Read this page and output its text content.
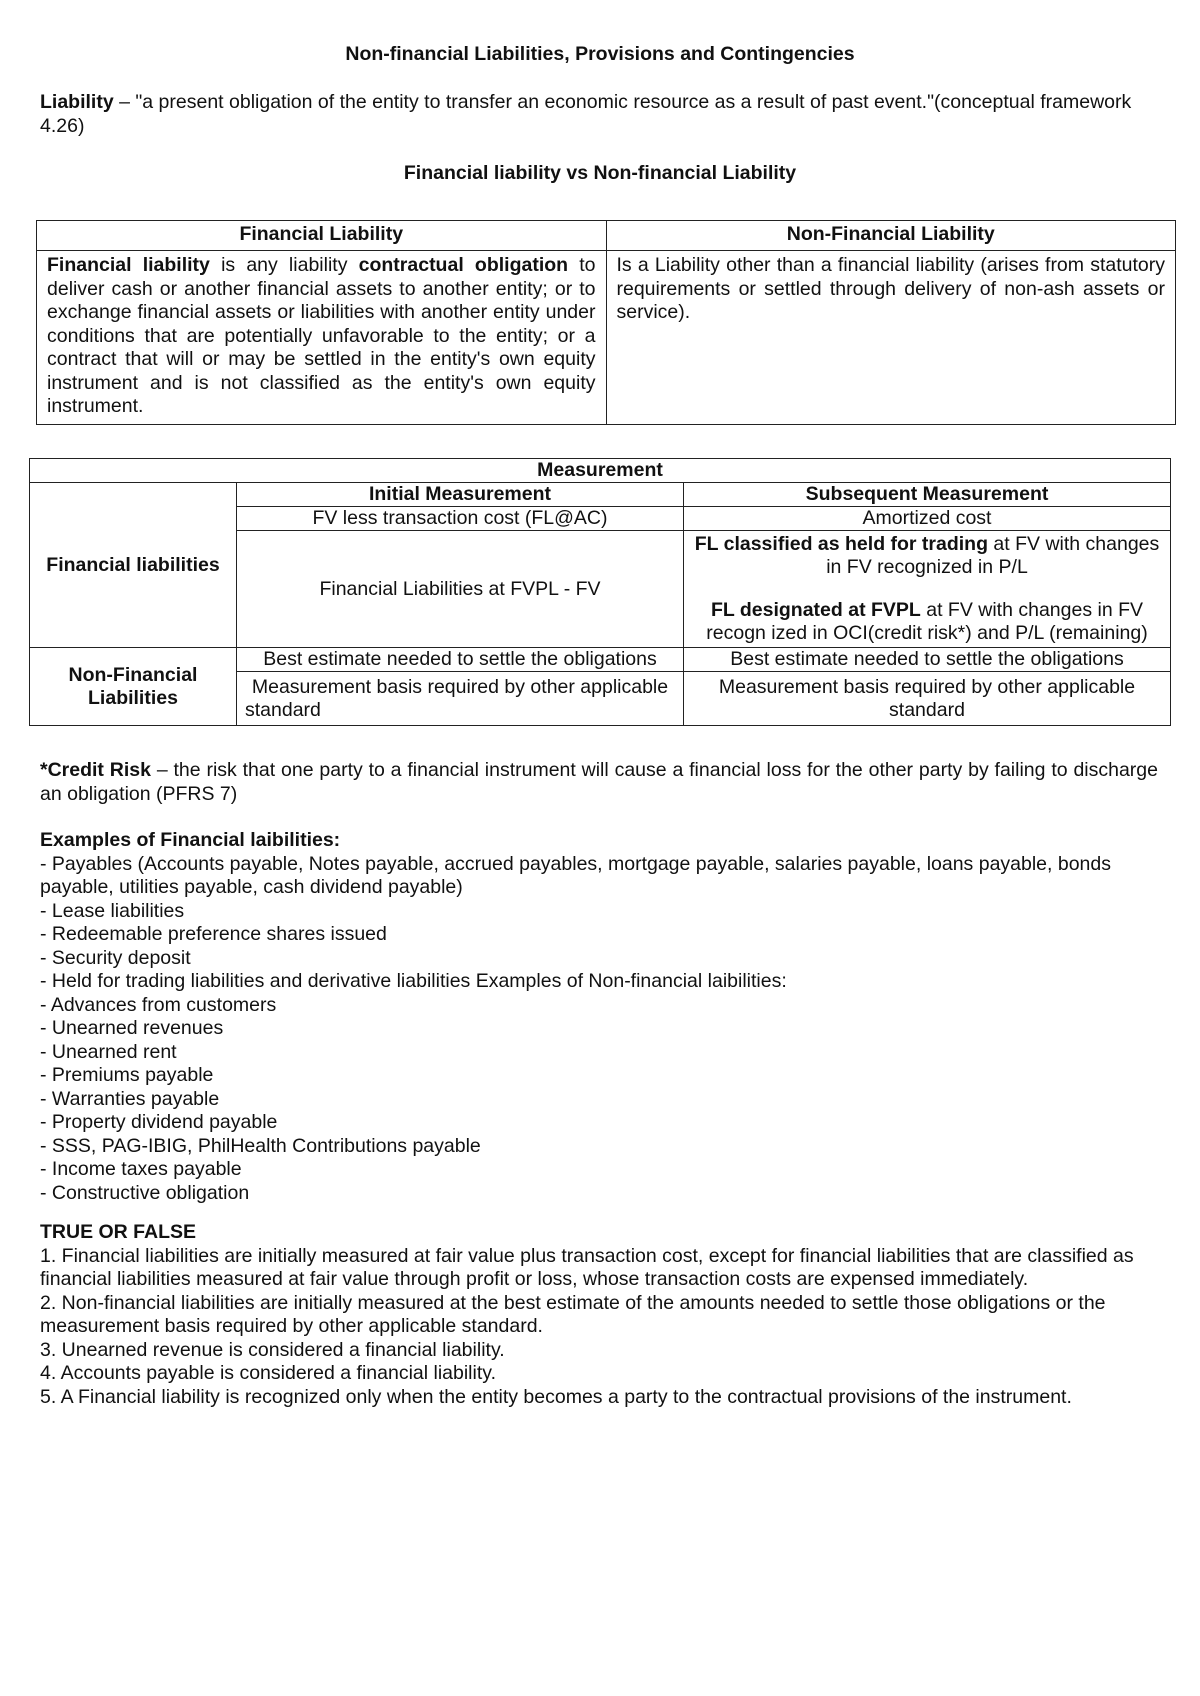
Non-financial Liabilities, Provisions and Contingencies
Liability – "a present obligation of the entity to transfer an economic resource as a result of past event."(conceptual framework 4.26)
Financial liability vs Non-financial Liability
Financial Liability	Non-Financial Liability
Financial liability is any liability contractual obligation to deliver cash or another financial assets to another entity; or to exchange financial assets or liabilities with another entity under conditions that are potentially unfavorable to the entity; or a contract that will or may be settled in the entity's own equity instrument and is not classified as the entity's own equity instrument.	Is a Liability other than a financial liability (arises from statutory requirements or settled through delivery of non-ash assets or service).
Measurement		
Financial liabilities	Initial Measurement	Subsequent Measurement
	FV less transaction cost (FL@AC)	Amortized cost
	Financial Liabilities at FVPL - FV	FL classified as held for trading at FV with changes in FV recognized in P/L
FL designated at FVPL at FV with changes in FV recogn ized in OCI(credit risk*) and P/L (remaining)

Non-Financial Liabilities	Best estimate needed to settle the obligations	Best estimate needed to settle the obligations
	Measurement basis required by other applicable standard	Measurement basis required by other applicable standard
*Credit Risk – the risk that one party to a financial instrument will cause a financial loss for the other party by failing to discharge an obligation (PFRS 7)
Examples of Financial laibilities:
- Payables (Accounts payable, Notes payable, accrued payables, mortgage payable, salaries payable, loans payable, bonds payable, utilities payable, cash dividend payable)
- Lease liabilities
- Redeemable preference shares issued
- Security deposit
- Held for trading liabilities and derivative liabilities Examples of Non-financial laibilities:
- Advances from customers
- Unearned revenues
- Unearned rent
- Premiums payable
- Warranties payable
- Property dividend payable
- SSS, PAG-IBIG, PhilHealth Contributions payable
- Income taxes payable
- Constructive obligation
TRUE OR FALSE
1. Financial liabilities are initially measured at fair value plus transaction cost, except for financial liabilities that are classified as financial liabilities measured at fair value through profit or loss, whose transaction costs are expensed immediately.
2. Non-financial liabilities are initially measured at the best estimate of the amounts needed to settle those obligations or the measurement basis required by other applicable standard.
3. Unearned revenue is considered a financial liability.
4. Accounts payable is considered a financial liability.
5. A Financial liability is recognized only when the entity becomes a party to the contractual provisions of the instrument.
